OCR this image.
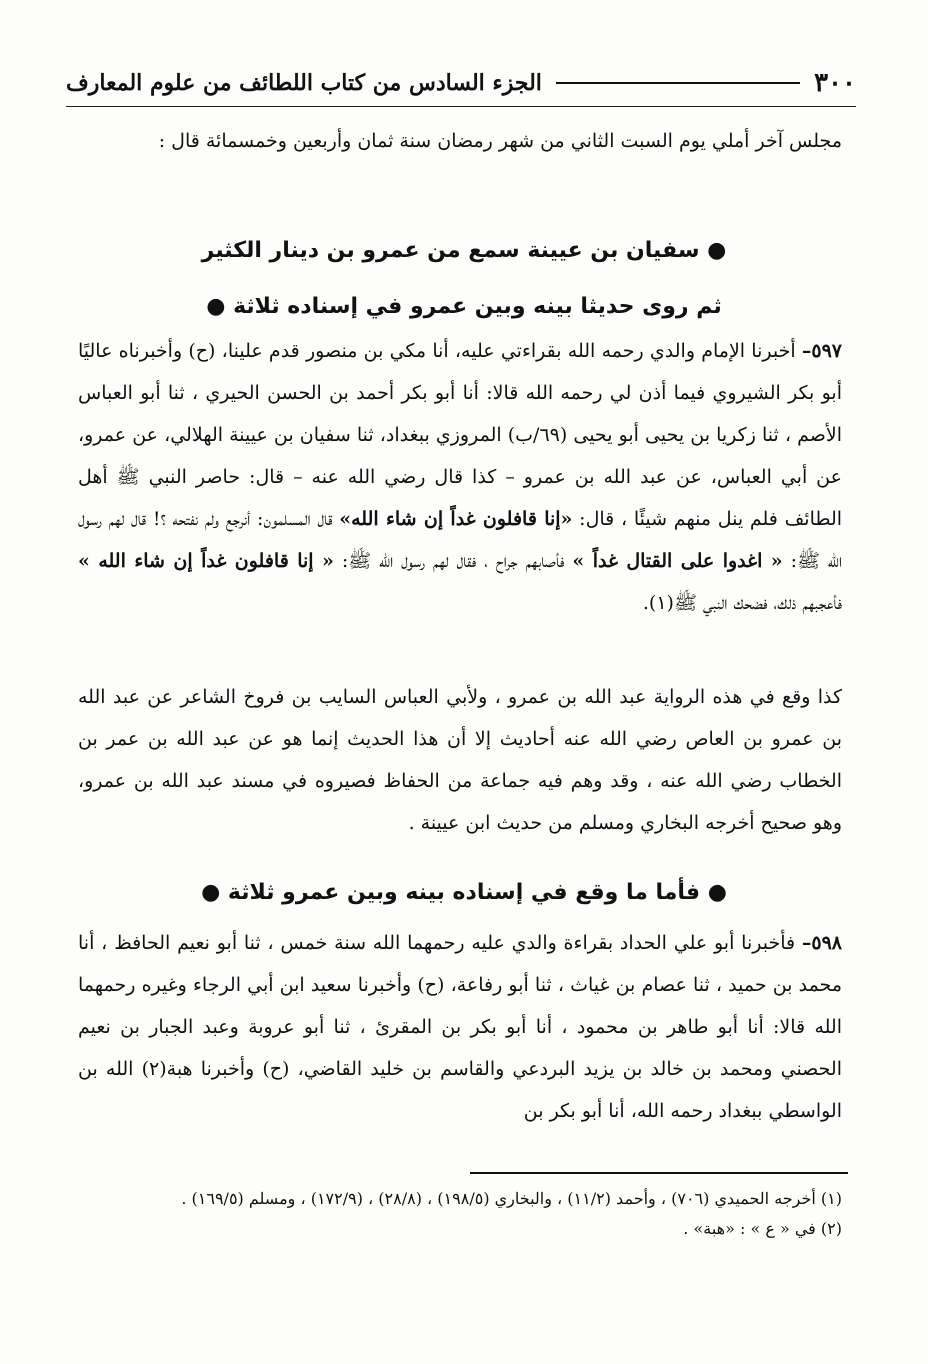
٣٠٠
الجزء السادس من كتاب اللطائف من علوم المعارف
مجلس آخر أملي يوم السبت الثاني من شهر رمضان سنة ثمان وأربعين وخمسمائة قال :
● سفيان بن عيينة سمع من عمرو بن دينار الكثير
ثم روى حديثا بينه وبين عمرو في إسناده ثلاثة ●
٥٩٧– أخبرنا الإمام والدي رحمه الله بقراءتي عليه، أنا مكي بن منصور قدم علينا، (ح) وأخبرناه عاليًا أبو بكر الشيروي فيما أذن لي رحمه الله قالا: أنا أبو بكر أحمد بن الحسن الحيري ، ثنا أبو العباس الأصم ، ثنا زكريا بن يحيى أبو يحيى (٦٩/ب) المروزي ببغداد، ثنا سفيان بن عيينة الهلالي، عن عمرو، عن أبي العباس، عن عبد الله بن عمرو – كذا قال رضي الله عنه – قال: حاصر النبي ﷺ أهل الطائف فلم ينل منهم شيئًا ، قال: «إنا قافلون غداً إن شاء الله» قال المسلمون: أنرجع ولم نفتحه ؟! قال لهم رسول الله ﷺ: « اغدوا على القتال غداً » فأصابهم جراح ، فقال لهم رسول الله ﷺ: « إنا قافلون غداً إن شاء الله » فأعجبهم ذلك، فضحك النبي ﷺ(١).
كذا وقع في هذه الرواية عبد الله بن عمرو ، ولأبي العباس السايب بن فروخ الشاعر عن عبد الله بن عمرو بن العاص رضي الله عنه أحاديث إلا أن هذا الحديث إنما هو عن عبد الله بن عمر بن الخطاب رضي الله عنه ، وقد وهم فيه جماعة من الحفاظ فصيروه في مسند عبد الله بن عمرو، وهو صحيح أخرجه البخاري ومسلم من حديث ابن عيينة .
● فأما ما وقع في إسناده بينه وبين عمرو ثلاثة ●
٥٩٨– فأخبرنا أبو علي الحداد بقراءة والدي عليه رحمهما الله سنة خمس ، ثنا أبو نعيم الحافظ ، أنا محمد بن حميد ، ثنا عصام بن غياث ، ثنا أبو رفاعة، (ح) وأخبرنا سعيد ابن أبي الرجاء وغيره رحمهما الله قالا: أنا أبو طاهر بن محمود ، أنا أبو بكر بن المقرئ ، ثنا أبو عروبة وعبد الجبار بن نعيم الحصني ومحمد بن خالد بن يزيد البردعي والقاسم بن خليد القاضي، (ح) وأخبرنا هبة(٢) الله بن الواسطي ببغداد رحمه الله، أنا أبو بكر بن

(١) أخرجه الحميدي (٧٠٦) ، وأحمد (١١/٢) ، والبخاري (١٩٨/٥) ، (٢٨/٨) ، (١٧٢/٩) ، ومسلم (١٦٩/٥) .

(٢) في « ع » : «هبة» .
